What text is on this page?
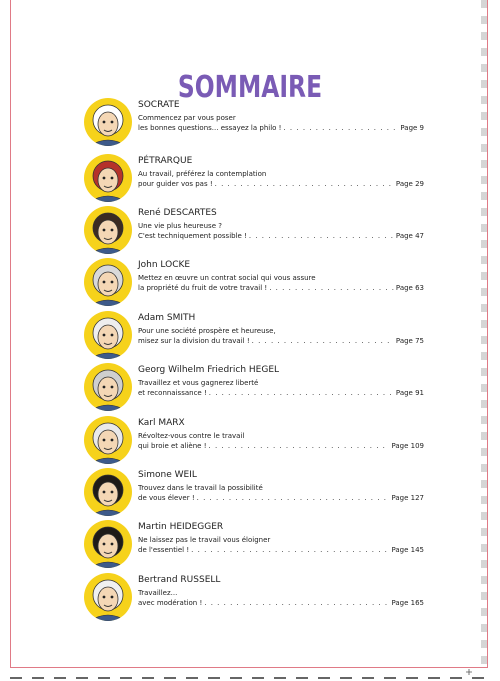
SOMMAIRE
SOCRATE
Commencez par vous poser
les bonnes questions... essayez la philo ! . . .	Page 9
PÉTRARQUE
Au travail, préférez la contemplation
pour guider vos pas ! . . .	Page 29
René DESCARTES
Une vie plus heureuse ?
C'est techniquement possible ! . . .	Page 47
John LOCKE
Mettez en œuvre un contrat social qui vous assure
la propriété du fruit de votre travail ! . . .	Page 63
Adam SMITH
Pour une société prospère et heureuse,
misez sur la division du travail ! . . .	Page 75
Georg Wilhelm Friedrich HEGEL
Travaillez et vous gagnerez liberté
et reconnaissance ! . . .	Page 91
Karl MARX
Révoltez-vous contre le travail
qui broie et aliène ! . . .	Page 109
Simone WEIL
Trouvez dans le travail la possibilité
de vous élever ! . . .	Page 127
Martin HEIDEGGER
Ne laissez pas le travail vous éloigner
de l'essentiel ! . . .	Page 145
Bertrand RUSSELL
Travaillez...
avec modération ! . . .	Page 165
